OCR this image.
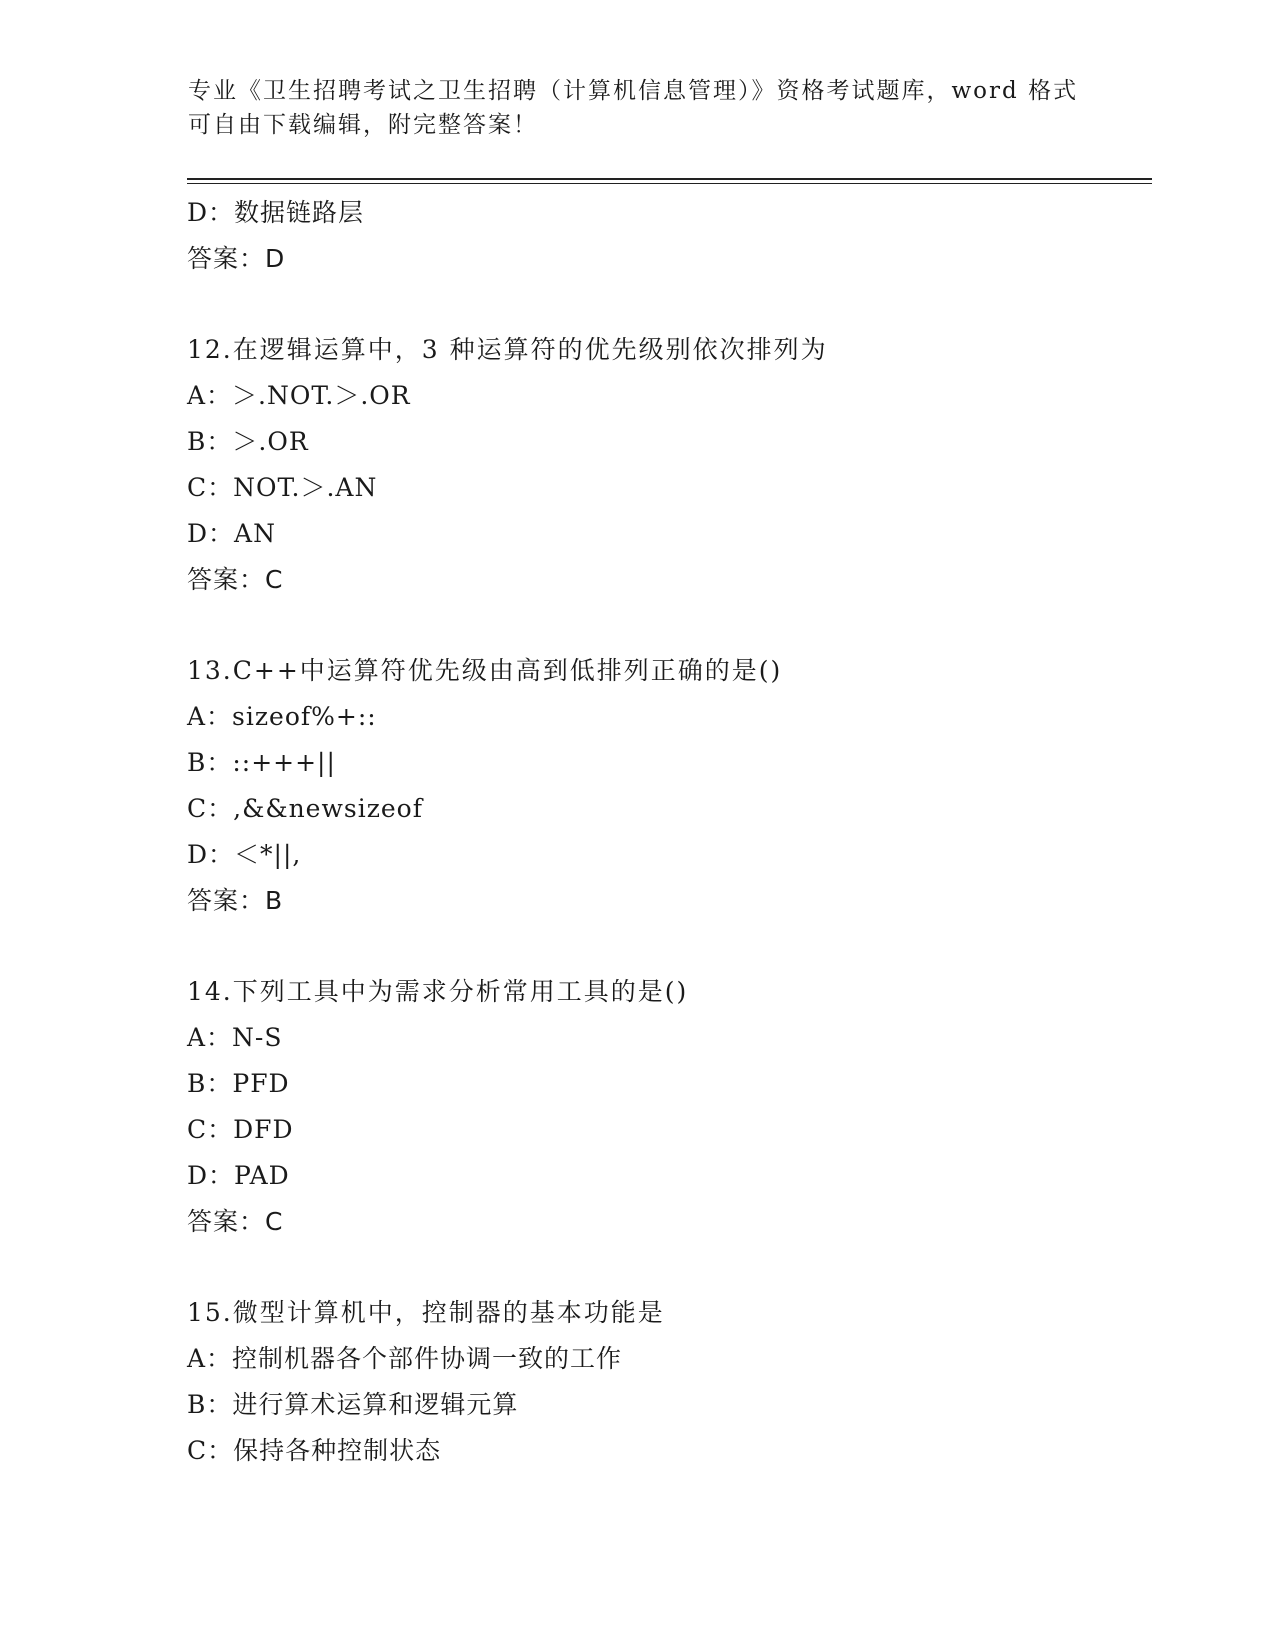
专业《卫生招聘考试之卫生招聘（计算机信息管理）》资格考试题库，word 格式
可自由下载编辑，附完整答案！
D：数据链路层
答案：D
12.在逻辑运算中，3 种运算符的优先级别依次排列为
A：＞.NOT.＞.OR
B：＞.OR
C：NOT.＞.AN
D：AN
答案：C
13.C++中运算符优先级由高到低排列正确的是()
A：sizeof%+::
B：::+++||
C：,&&newsizeof
D：＜*||,
答案：B
14.下列工具中为需求分析常用工具的是()
A：N-S
B：PFD
C：DFD
D：PAD
答案：C
15.微型计算机中，控制器的基本功能是
A：控制机器各个部件协调一致的工作
B：进行算术运算和逻辑元算
C：保持各种控制状态
